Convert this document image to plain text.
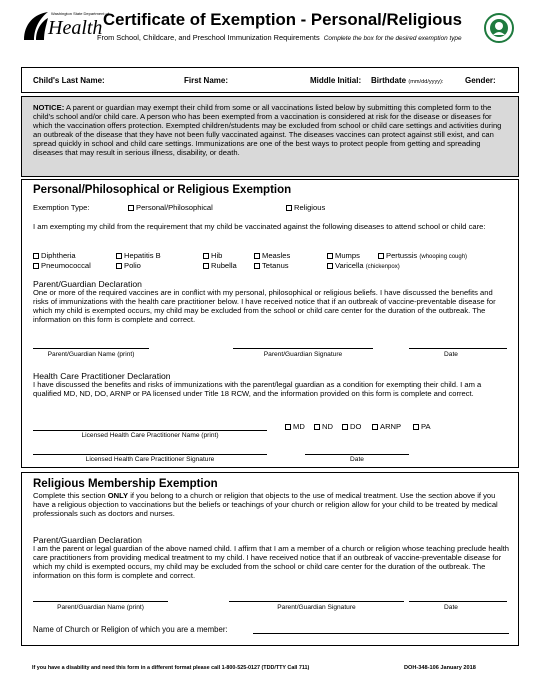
Washington State Department of
Health Certificate of Exemption - Personal/Religious
From School, Childcare, and Preschool Immunization Requirements Complete the box for the desired exemption type
Child's Last Name:	First Name:	Middle Initial: Birthdate (mm/dd/yyyy):	Gender:

NOTICE: A parent or guardian may exempt their child from some or all vaccinations listed below by submitting this completed form to the child's school and/or child care. A person who has been exempted from a vaccination is considered at risk for the disease or diseases for which the vaccination offers protection. Exempted children/students may be excluded from school or child care settings and activities during an outbreak of the disease that they have not been fully vaccinated against. The diseases vaccines can protect against still exist, and can spread quickly in school and child care settings. Immunizations are one of the best ways to protect people from getting and spreading diseases that may result in serious illness, disability, or death.

Personal/Philosophical or Religious Exemption
Exemption Type:	Personal/Philosophical	Religious

I am exempting my child from the requirement that my child be vaccinated against the following diseases to attend school or child care:

Diphtheria	Hepatitis B	Hib	Measles	Mumps	Pertussis (whooping cough)
Pneumococcal	Polio	Rubella	Tetanus	Varicella (chickenpox)
Parent/Guardian Declaration

One or more of the required vaccines are in conflict with my personal, philosophical or religious beliefs. I have discussed the benefits and risks of immunizations with the health care practitioner below. I have received notice that if an outbreak of vaccine-preventable disease for which my child is exempted occurs, my child may be excluded from the school or child care center for the duration of the outbreak. The information on this form is complete and correct.

Parent/Guardian Name (print)	Parent/Guardian Signature	Date
Health Care Practitioner Declaration

I have discussed the benefits and risks of immunizations with the parent/legal guardian as a condition for exempting their child. I am a qualified MD, ND, DO, ARNP or PA licensed under Title 18 RCW, and the information provided on this form is complete and correct.

Licensed Health Care Practitioner Name (print)
MD	ND	DO	ARNP	PA
Licensed Health Care Practitioner Signature	Date
Religious Membership Exemption

Complete this section ONLY if you belong to a church or religion that objects to the use of medical treatment. Use the section above if you have a religious objection to vaccinations but the beliefs or teachings of your church or religion allow for your child to be treated by medical professionals such as doctors and nurses.

Parent/Guardian Declaration

I am the parent or legal guardian of the above named child. I affirm that I am a member of a church or religion whose teaching preclude health care practitioners from providing medical treatment to my child. I have received notice that if an outbreak of vaccine-preventable disease for which my child is exempted occurs, my child may be excluded from the school or child care center for the duration of the outbreak. The information on this form is complete and correct.

Parent/Guardian Name (print)	Parent/Guardian Signature	Date
Name of Church or Religion of which you are a member:
If you have a disability and need this form in a different format please call 1-800-525-0127 (TDD/TTY Call 711)	DOH-348-106 January 2018
